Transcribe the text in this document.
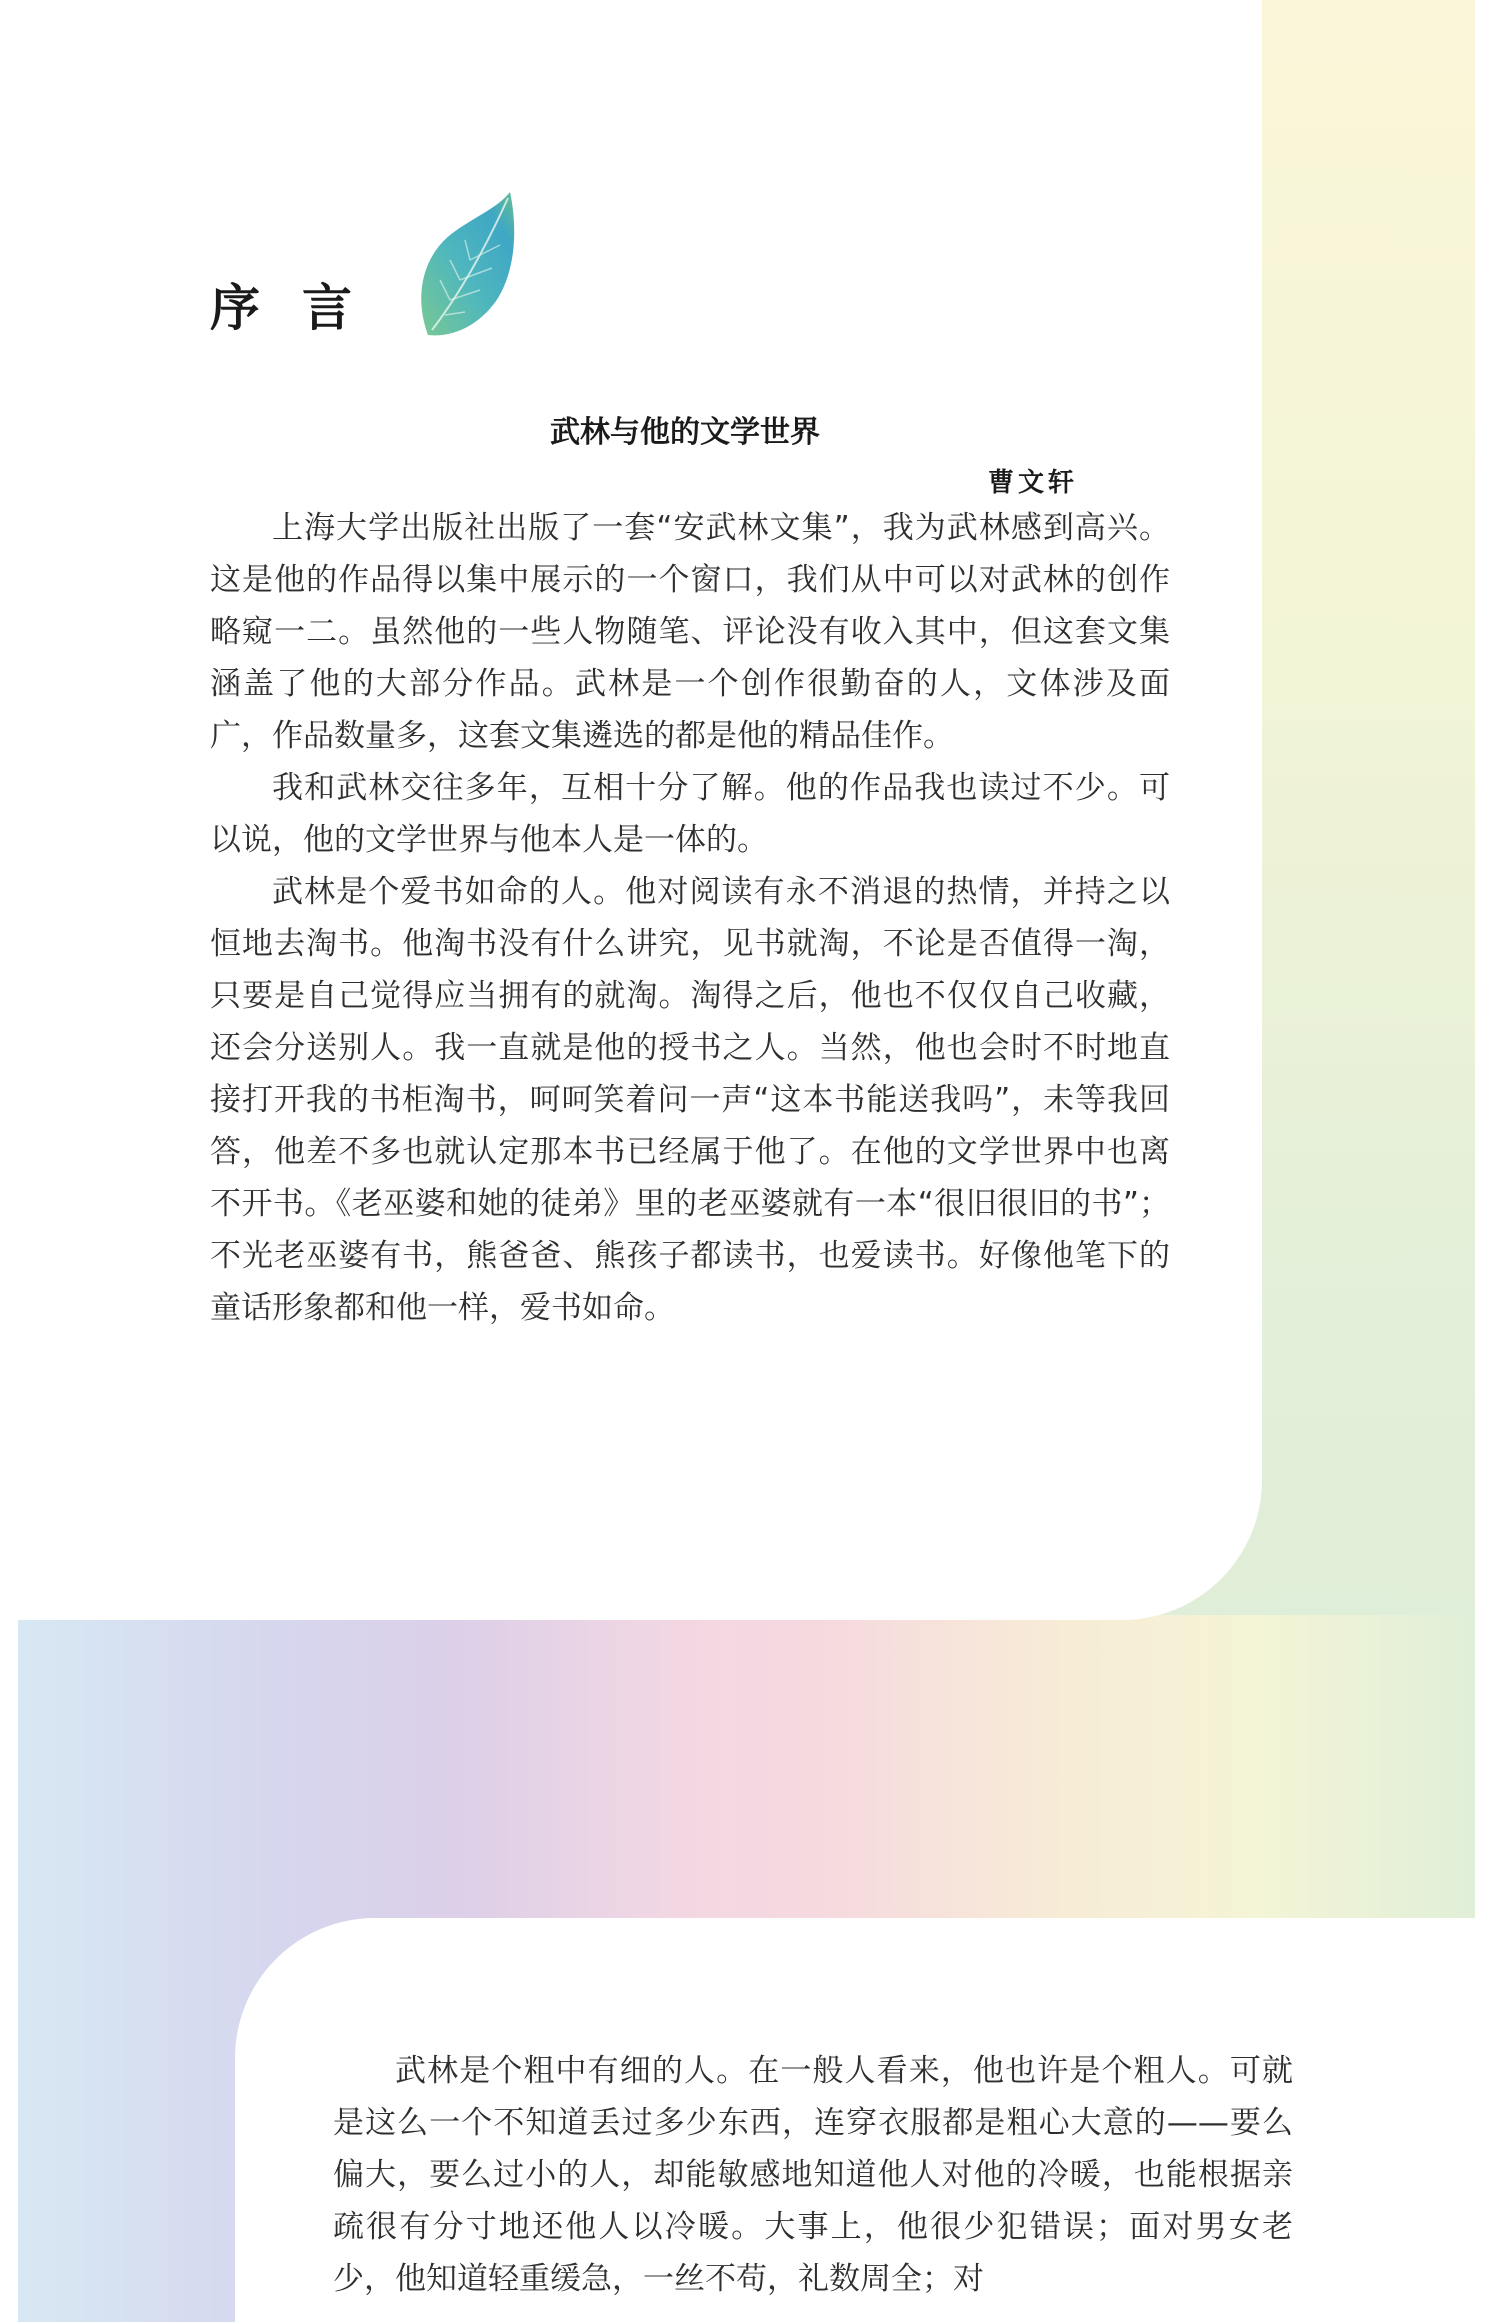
序言
武林与他的文学世界
曹文轩

上海大学出版社出版了一套“安武林文集”，我为武林感到高兴。这是他的作品得以集中展示的一个窗口，我们从中可以对武林的创作略窥一二。虽然他的一些人物随笔、评论没有收入其中，但这套文集涵盖了他的大部分作品。武林是一个创作很勤奋的人，文体涉及面广，作品数量多，这套文集遴选的都是他的精品佳作。

我和武林交往多年，互相十分了解。他的作品我也读过不少。可以说，他的文学世界与他本人是一体的。

武林是个爱书如命的人。他对阅读有永不消退的热情，并持之以恒地去淘书。他淘书没有什么讲究，见书就淘，不论是否值得一淘，只要是自己觉得应当拥有的就淘。淘得之后，他也不仅仅自己收藏，还会分送别人。我一直就是他的授书之人。当然，他也会时不时地直接打开我的书柜淘书，呵呵笑着问一声“这本书能送我吗”，未等我回答，他差不多也就认定那本书已经属于他了。在他的文学世界中也离不开书。《老巫婆和她的徒弟》里的老巫婆就有一本“很旧很旧的书”；不光老巫婆有书，熊爸爸、熊孩子都读书，也爱读书。好像他笔下的童话形象都和他一样，爱书如命。

武林是个粗中有细的人。在一般人看来，他也许是个粗人。可就是这么一个不知道丢过多少东西，连穿衣服都是粗心大意的——要么偏大，要么过小的人，却能敏感地知道他人对他的冷暖，也能根据亲疏很有分寸地还他人以冷暖。大事上，他很少犯错误；面对男女老少，他知道轻重缓急，一丝不苟，礼数周全；对
